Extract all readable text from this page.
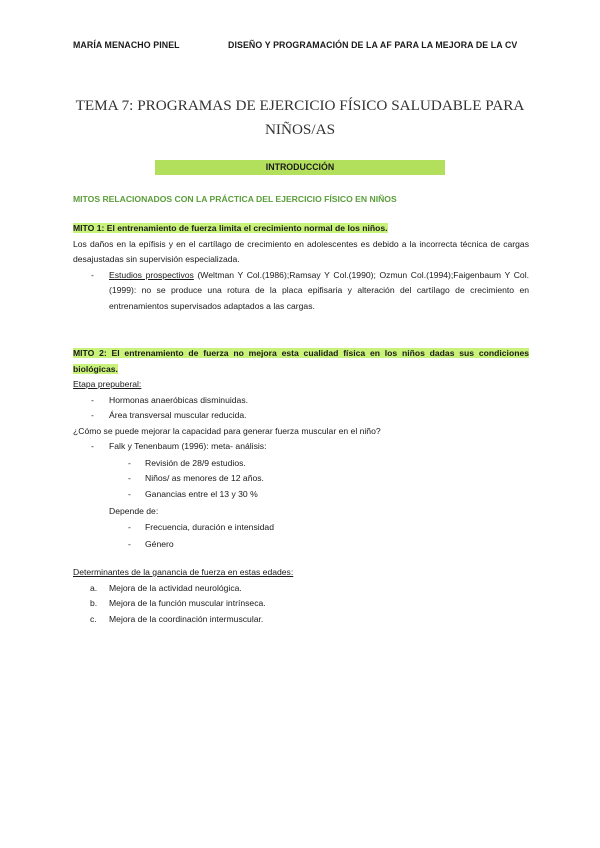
MARÍA MENACHO PINEL	DISEÑO Y PROGRAMACIÓN DE LA AF PARA LA MEJORA DE LA CV
TEMA 7: PROGRAMAS DE EJERCICIO FÍSICO SALUDABLE PARA
NIÑOS/AS
INTRODUCCIÓN
MITOS RELACIONADOS CON LA PRÁCTICA DEL EJERCICIO FÍSICO EN NIÑOS
MITO 1: El entrenamiento de fuerza limita el crecimiento normal de los niños.
Los daños en la epífisis y en el cartílago de crecimiento en adolescentes es debido a la incorrecta técnica de cargas desajustadas sin supervisión especializada.
- Estudios prospectivos (Weltman Y Col.(1986);Ramsay Y Col.(1990); Ozmun Col.(1994);Faigenbaum Y Col.(1999): no se produce una rotura de la placa epifisaria y alteración del cartílago de crecimiento en entrenamientos supervisados adaptados a las cargas.
MITO 2: El entrenamiento de fuerza no mejora esta cualidad física en los niños dadas sus condiciones biológicas.
Etapa prepuberal:
- Hormonas anaeróbicas disminuidas.
- Área transversal muscular reducida.
¿Cómo se puede mejorar la capacidad para generar fuerza muscular en el niño?
- Falk y Tenenbaum (1996): meta- análisis:
- Revisión de 28/9 estudios.
- Niños/ as menores de 12 años.
- Ganancias entre el 13 y 30 %
Depende de:
- Frecuencia, duración e intensidad
- Género
Determinantes de la ganancia de fuerza en estas edades:
a. Mejora de la actividad neurológica.
b. Mejora de la función muscular intrínseca.
c. Mejora de la coordinación intermuscular.
